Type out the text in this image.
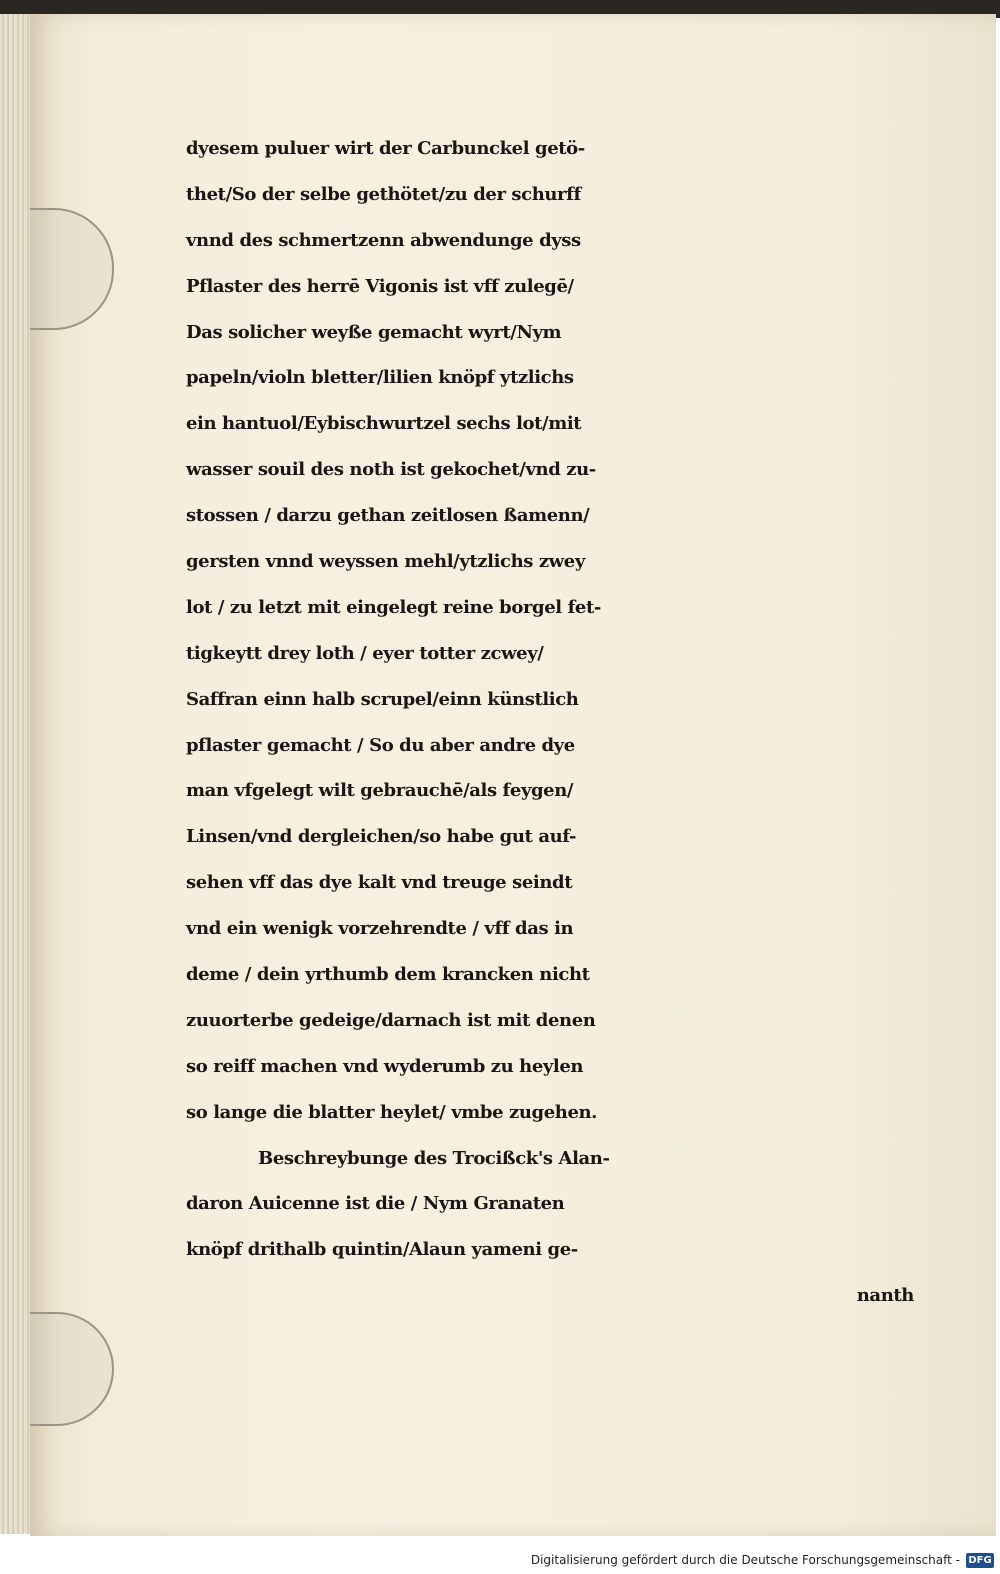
dyesem puluer wirt der Carbunckel getö-
thet/So der selbe gethötet/zu der schurff
vnnd des schmertzenn abwendunge dyss
Pflaster des herrē Vigonis ist vff zulegē/
Das solicher weyße gemacht wyrt/Nym
papeln/violn bletter/lilien knöpf ytzlichs
ein hantuol/Eybischwurtzel sechs lot/mit
wasser souil des noth ist gekochet/vnd zu-
stossen / darzu gethan zeitlosen ßamenn/
gersten vnnd weyssen mehl/ytzlichs zwey
lot / zu letzt mit eingelegt reine borgel fet-
tigkeytt drey loth / eyer totter zcwey/
Saffran einn halb scrupel/einn künstlich
pflaster gemacht / So du aber andre dye
man vfgelegt wilt gebrauchē/als feygen/
Linsen/vnd dergleichen/so habe gut auf-
sehen vff das dye kalt vnd treuge seindt
vnd ein wenigk vorzehrendte / vff das in
deme / dein yrthumb dem krancken nicht
zuuorterbe gedeige/darnach ist mit denen
so reiff machen vnd wyderumb zu heylen
so lange die blatter heylet/ vmbe zugehen.
Beschreybunge des Trocißck's Alan-
daron Auicenne ist die / Nym Granaten
knöpf drithalb quintin/Alaun yameni ge-
nanth
Digitalisierung gefördert durch die Deutsche Forschungsgemeinschaft - DFG
